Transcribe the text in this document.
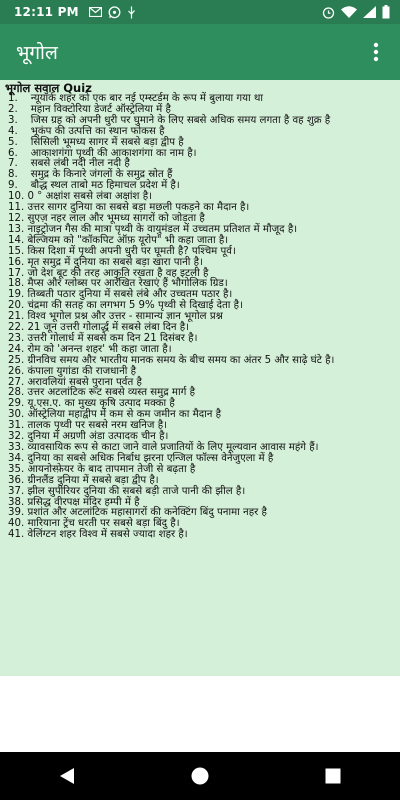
12:11 PM
भूगोल
भूगोल सवाल Quiz
1. न्यूयॉर्क शहर को एक बार नई एम्स्टर्डम के रूप में बुलाया गया था
2. महान विक्टोरिया डेजर्ट ऑस्ट्रेलिया में है
3. जिस ग्रह को अपनी धुरी पर घुमाने के लिए सबसे अधिक समय लगता है वह शुक्र है
4. भूकंप की उत्पत्ति का स्थान फोकस है
5. सिसिली भूमध्य सागर में सबसे बड़ा द्वीप है
6. आकाशगंगा पृथ्वी की आकाशगंगा का नाम है।
7. सबसे लंबी नदी नील नदी है
8. समुद्र के किनारे जंगलों के समुद्र स्रोत हैं
9. बौद्ध स्थल ताबो मठ हिमाचल प्रदेश में है।
10. 0 ° अक्षांश सबसे लंबा अक्षांश है।
11. उत्तर सागर दुनिया का सबसे बड़ा मछली पकड़ने का मैदान है।
12. सुएज़ नहर लाल और भूमध्य सागरों को जोड़ता है
13. नाइट्रोजन गैस की मात्रा पृथ्वी के वायुमंडल में उच्चतम प्रतिशत में मौजूद है।
14. बेल्जियम को "कॉकपिट ऑफ़ यूरोप" भी कहा जाता है।
15. किस दिशा में पृथ्वी अपनी धुरी पर घूमती है? पश्चिम पूर्व।
16. मृत समुद्र में दुनिया का सबसे बड़ा खारा पानी है।
17. जो देश बूट की तरह आकृति रखता है वह इटली है
18. मैप्स और ग्लोब्स पर आरेखित रेखाएं हैं भौगोलिक ग्रिड।
19. तिब्बती पठार दुनिया में सबसे लंबे और उच्चतम पठार है।
20. चंद्रमा की सतह का लगभग 5 9% पृथ्वी से दिखाई देता है।
21. विश्व भूगोल प्रश्न और उत्तर - सामान्य ज्ञान भूगोल प्रश्न
22. 21 जून उत्तरी गोलार्द्ध में सबसे लंबा दिन है।
23. उत्तरी गोलार्ध में सबसे कम दिन 21 दिसंबर है।
24. रोम को 'अनन्त शहर' भी कहा जाता है।
25. ग्रीनविच समय और भारतीय मानक समय के बीच समय का अंतर 5 और साढ़े घंटे है।
26. कंपाला युगांडा की राजधानी है
27. अरावलियां सबसे पुराना पर्वत है
28. उत्तर अटलांटिक रूट सबसे व्यस्त समुद्र मार्ग है
29. यू.एस.ए. का मुख्य कृषि उत्पाद मक्का है
30. ऑस्ट्रेलिया महाद्वीप में कम से कम जमीन का मैदान है
31. तालक पृथ्वी पर सबसे नरम खनिज है।
32. दुनिया में अग्रणी अंडा उत्पादक चीन है।
33. व्यावसायिक रूप से काटा जाने वाले प्रजातियों के लिए मूल्यवान आवास महंगे हैं।
34. दुनिया का सबसे अधिक निर्बाध झरना एन्जिल फॉल्स वेनेजुएला में है
35. आयनोस्फ़ेयर के बाद तापमान तेजी से बढ़ता है
36. ग्रीनलैंड दुनिया में सबसे बड़ा द्वीप है।
37. झील सुपीरियर दुनिया की सबसे बड़ी ताजे पानी की झील है।
38. प्रसिद्ध वीरपक्ष मंदिर हम्पी में है
39. प्रशांत और अटलांटिक महासागरों की कनेक्टिंग बिंदु पनामा नहर है
40. मारियाना ट्रेंच धरती पर सबसे बड़ा बिंदु है।
41. वेलिंग्टन शहर विश्व में सबसे ज्यादा शहर है।
